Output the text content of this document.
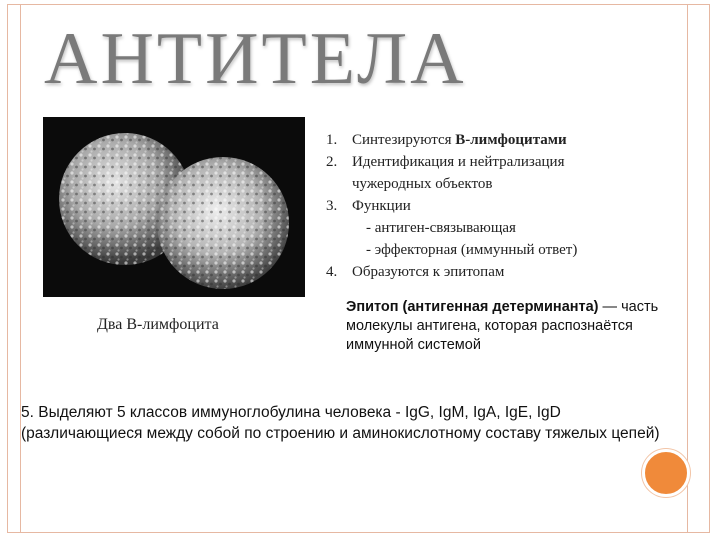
АНТИТЕЛА
Два В-лимфоцита
1. Синтезируются В-лимфоцитами
2. Идентификация и нейтрализация
чужеродных объектов
3. Функции
- антиген-связывающая
- эффекторная (иммунный ответ)
4. Образуются к эпитопам
Эпитоп (антигенная детерминанта) — часть молекулы антигена, которая распознаётся иммунной системой
5. Выделяют 5 классов иммуноглобулина человека - IgG, IgM, IgA, IgE, IgD (различающиеся между собой по строению и аминокислотному составу тяжелых цепей)
